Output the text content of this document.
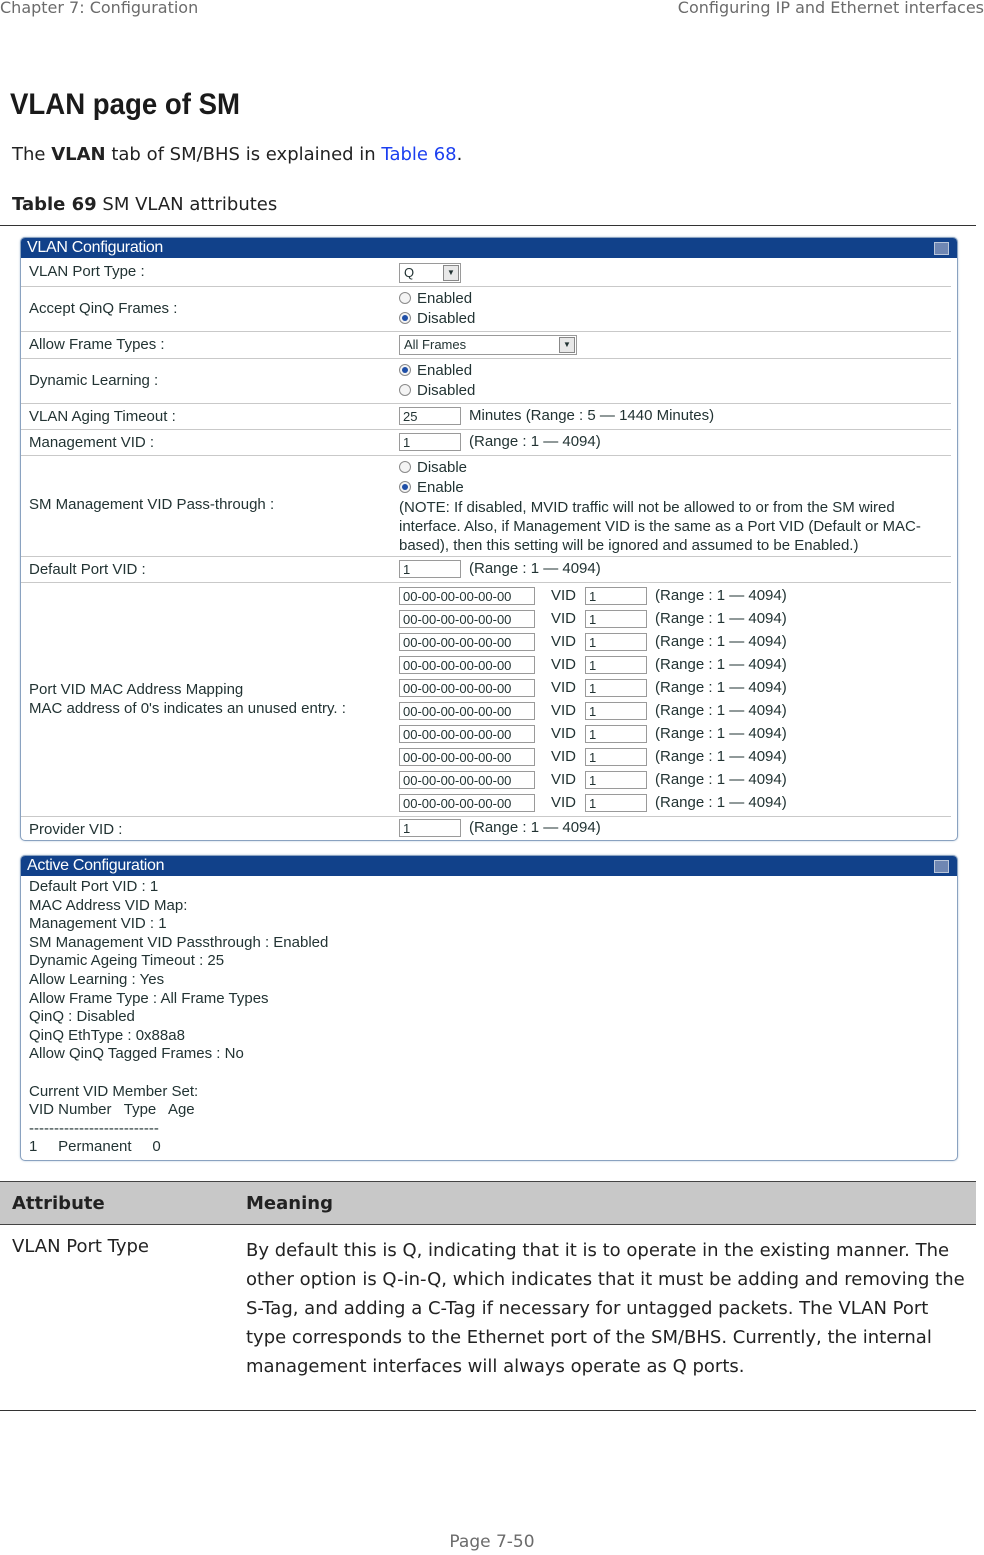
Chapter 7: Configuration	Configuring IP and Ethernet interfaces
VLAN page of SM
The VLAN tab of SM/BHS is explained in Table 68.
Table 69 SM VLAN attributes
VLAN Configuration
VLAN Port Type :	Q	▼
Accept QinQ Frames :
Enabled
Disabled
Allow Frame Types :	All Frames	▼
Dynamic Learning :
Enabled
Disabled
VLAN Aging Timeout :	25	Minutes (Range : 5 — 1440 Minutes)
Management VID :	1	(Range : 1 — 4094)
SM Management VID Pass-through :
Disable
Enable
(NOTE: If disabled, MVID traffic will not be allowed to or from the SM wired interface. Also, if Management VID is the same as a Port VID (Default or MAC-based), then this setting will be ignored and assumed to be Enabled.)
Default Port VID :	1	(Range : 1 — 4094)
Port VID MAC Address Mapping
MAC address of 0's indicates an unused entry. :
00-00-00-00-00-00	VID 1	(Range : 1 — 4094)
00-00-00-00-00-00	VID 1	(Range : 1 — 4094)
00-00-00-00-00-00	VID 1	(Range : 1 — 4094)
00-00-00-00-00-00	VID 1	(Range : 1 — 4094)
00-00-00-00-00-00	VID 1	(Range : 1 — 4094)
00-00-00-00-00-00	VID 1	(Range : 1 — 4094)
00-00-00-00-00-00	VID 1	(Range : 1 — 4094)
00-00-00-00-00-00	VID 1	(Range : 1 — 4094)
00-00-00-00-00-00	VID 1	(Range : 1 — 4094)
00-00-00-00-00-00	VID 1	(Range : 1 — 4094)
Provider VID :	1	(Range : 1 — 4094)
Active Configuration
Default Port VID : 1
MAC Address VID Map:
Management VID : 1
SM Management VID Passthrough : Enabled
Dynamic Ageing Timeout : 25
Allow Learning : Yes
Allow Frame Type : All Frame Types
QinQ : Disabled
QinQ EthType : 0x88a8
Allow QinQ Tagged Frames : No
Current VID Member Set:
VID Number   Type   Age
--------------------------
1     Permanent     0
Attribute	Meaning
VLAN Port Type	By default this is Q, indicating that it is to operate in the existing manner. The other option is Q-in-Q, which indicates that it must be adding and removing the S-Tag, and adding a C-Tag if necessary for untagged packets. The VLAN Port type corresponds to the Ethernet port of the SM/BHS. Currently, the internal management interfaces will always operate as Q ports.
Page 7-50
